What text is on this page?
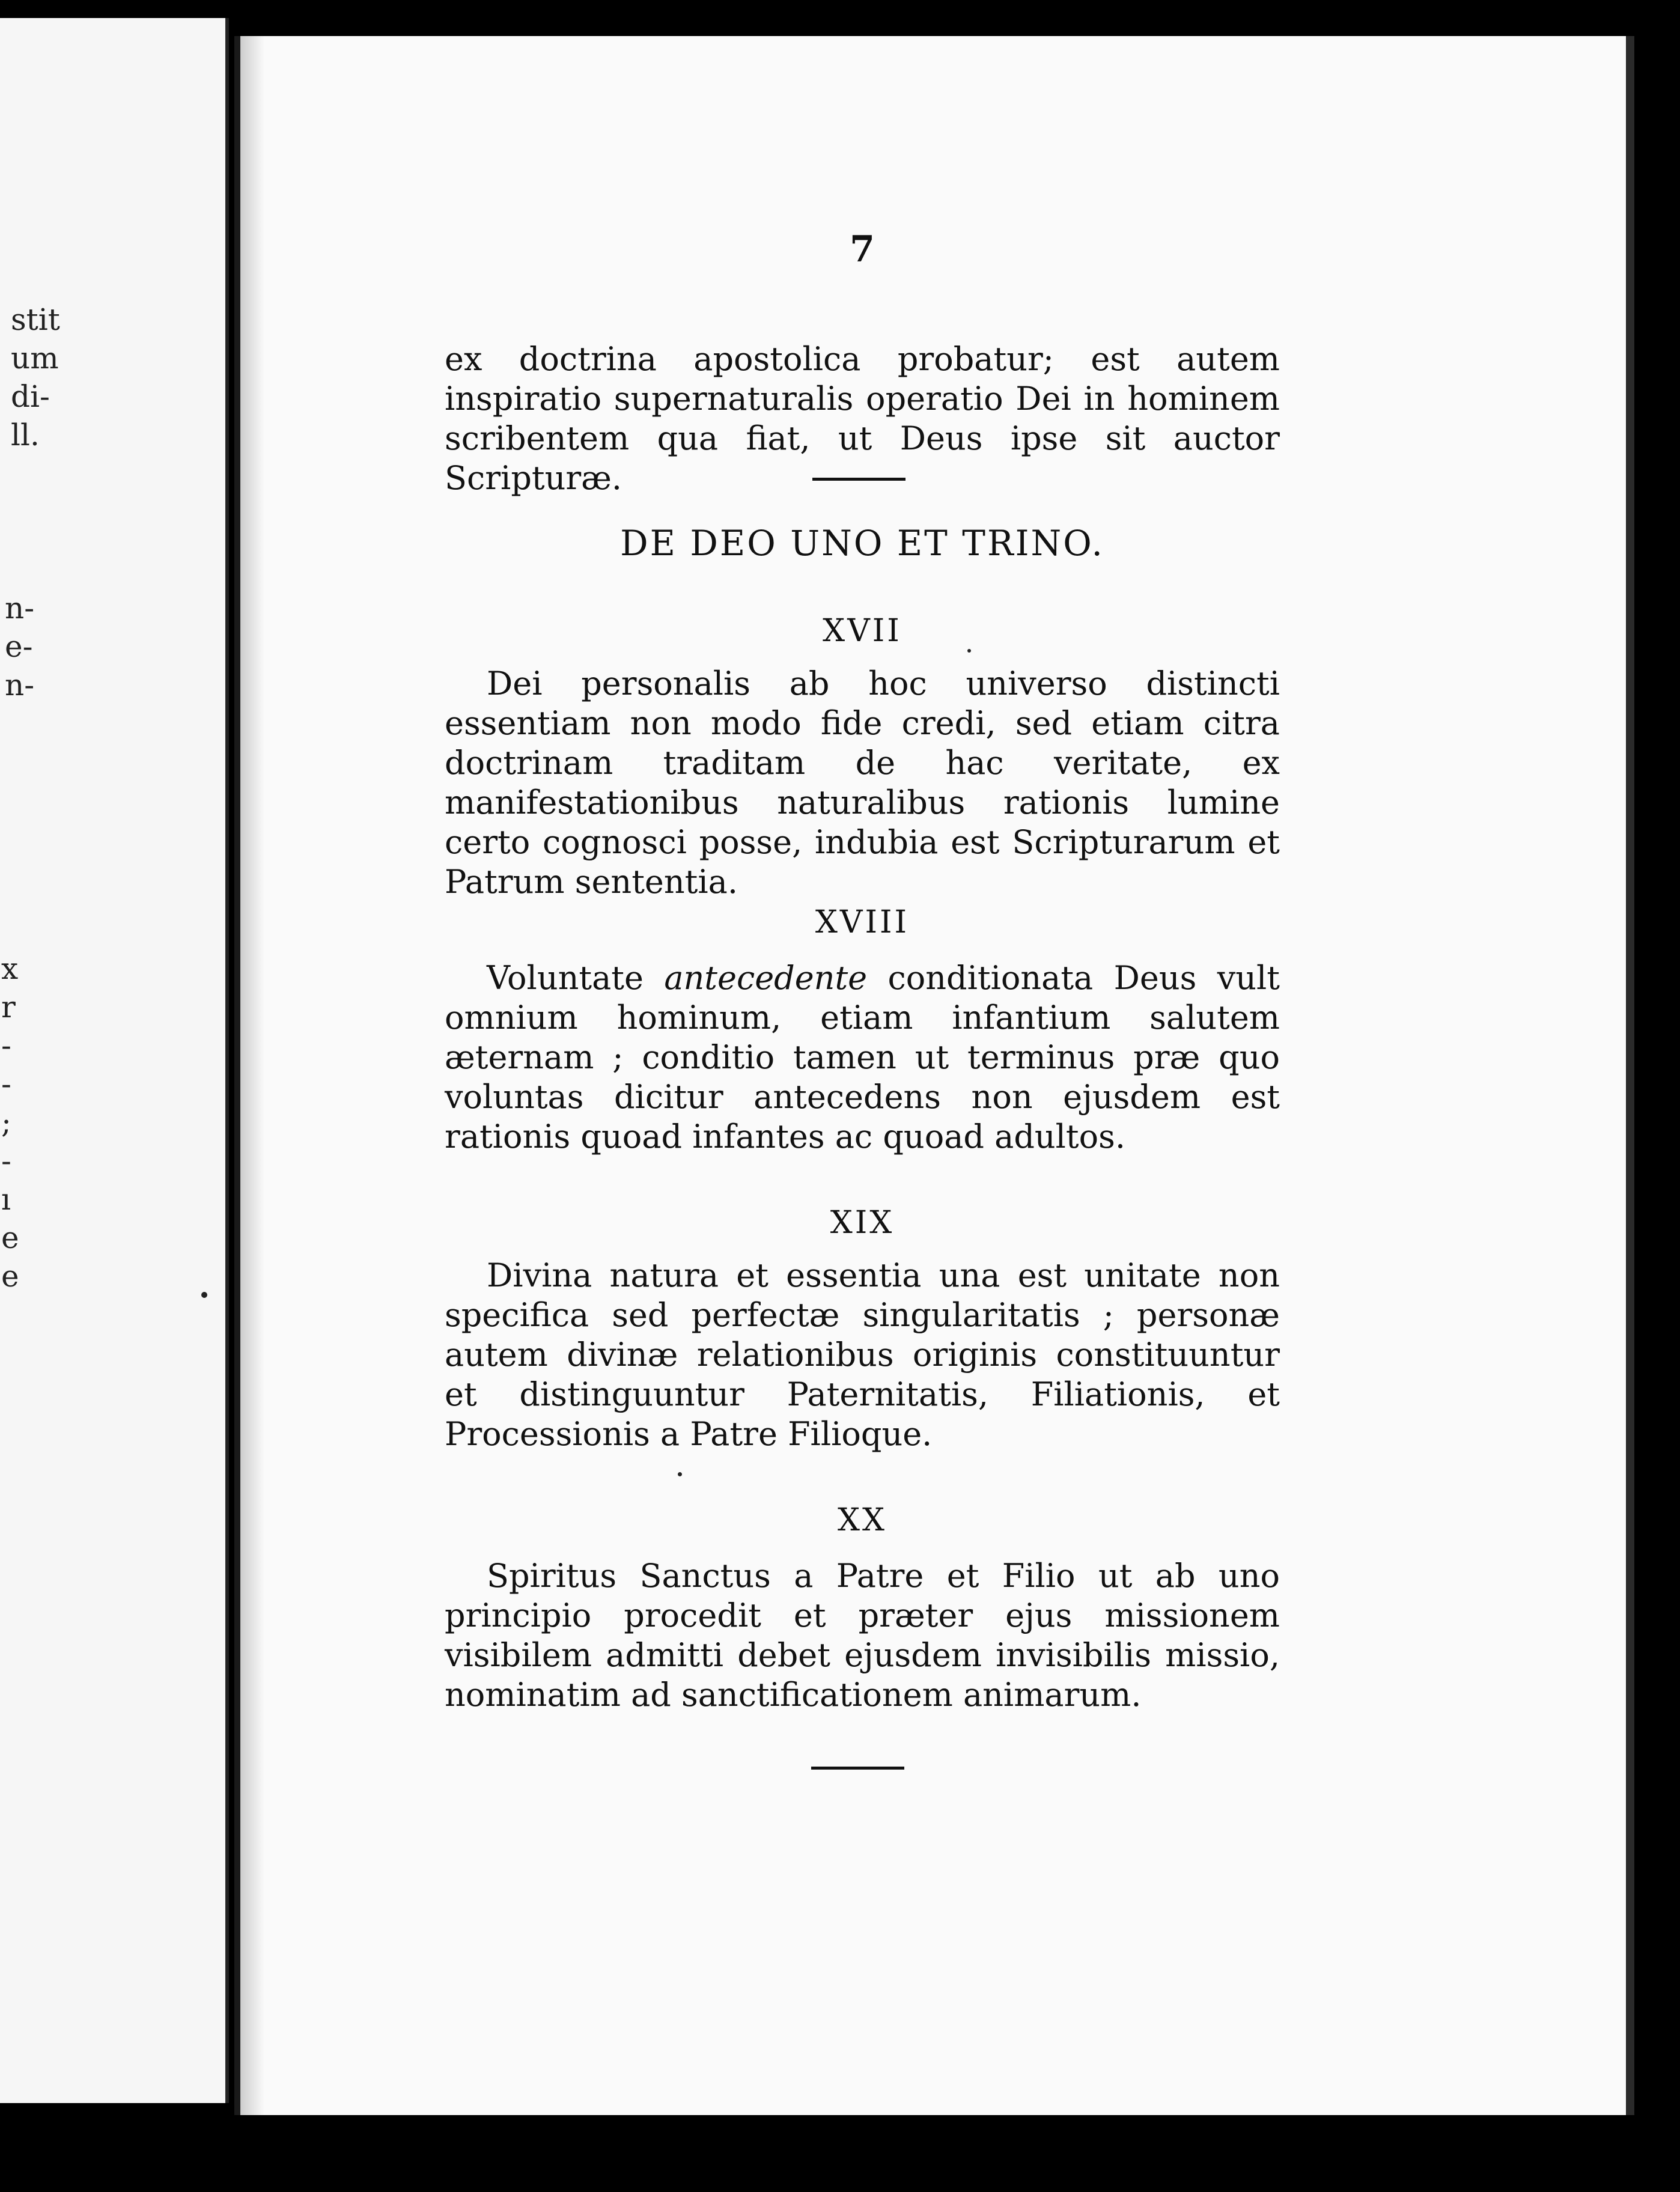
stit
um
di-
ll.
n-
e-
n-
x
r
-
-
;
-
ı
e
e
7
ex doctrina apostolica probatur; est autem inspiratio supernaturalis operatio Dei in hominem scribentem qua fiat, ut Deus ipse sit auctor Scripturæ.
DE DEO UNO ET TRINO.
XVII
Dei personalis ab hoc universo distincti essentiam non modo fide credi, sed etiam citra doctrinam traditam de hac veritate, ex manifestationibus naturalibus rationis lumine certo cognosci posse, indubia est Scripturarum et Patrum sententia.
XVIII
Voluntate antecedente conditionata Deus vult omnium hominum, etiam infantium salutem æternam ; conditio tamen ut terminus præ quo voluntas dicitur antecedens non ejusdem est rationis quoad infantes ac quoad adultos.
XIX
Divina natura et essentia una est unitate non specifica sed perfectæ singularitatis ; personæ autem divinæ relationibus originis constituuntur et distinguuntur Paternitatis, Filiationis, et Processionis a Patre Filioque.
XX
Spiritus Sanctus a Patre et Filio ut ab uno principio procedit et præter ejus missionem visibilem admitti debet ejusdem invisibilis missio, nominatim ad sanctificationem animarum.
